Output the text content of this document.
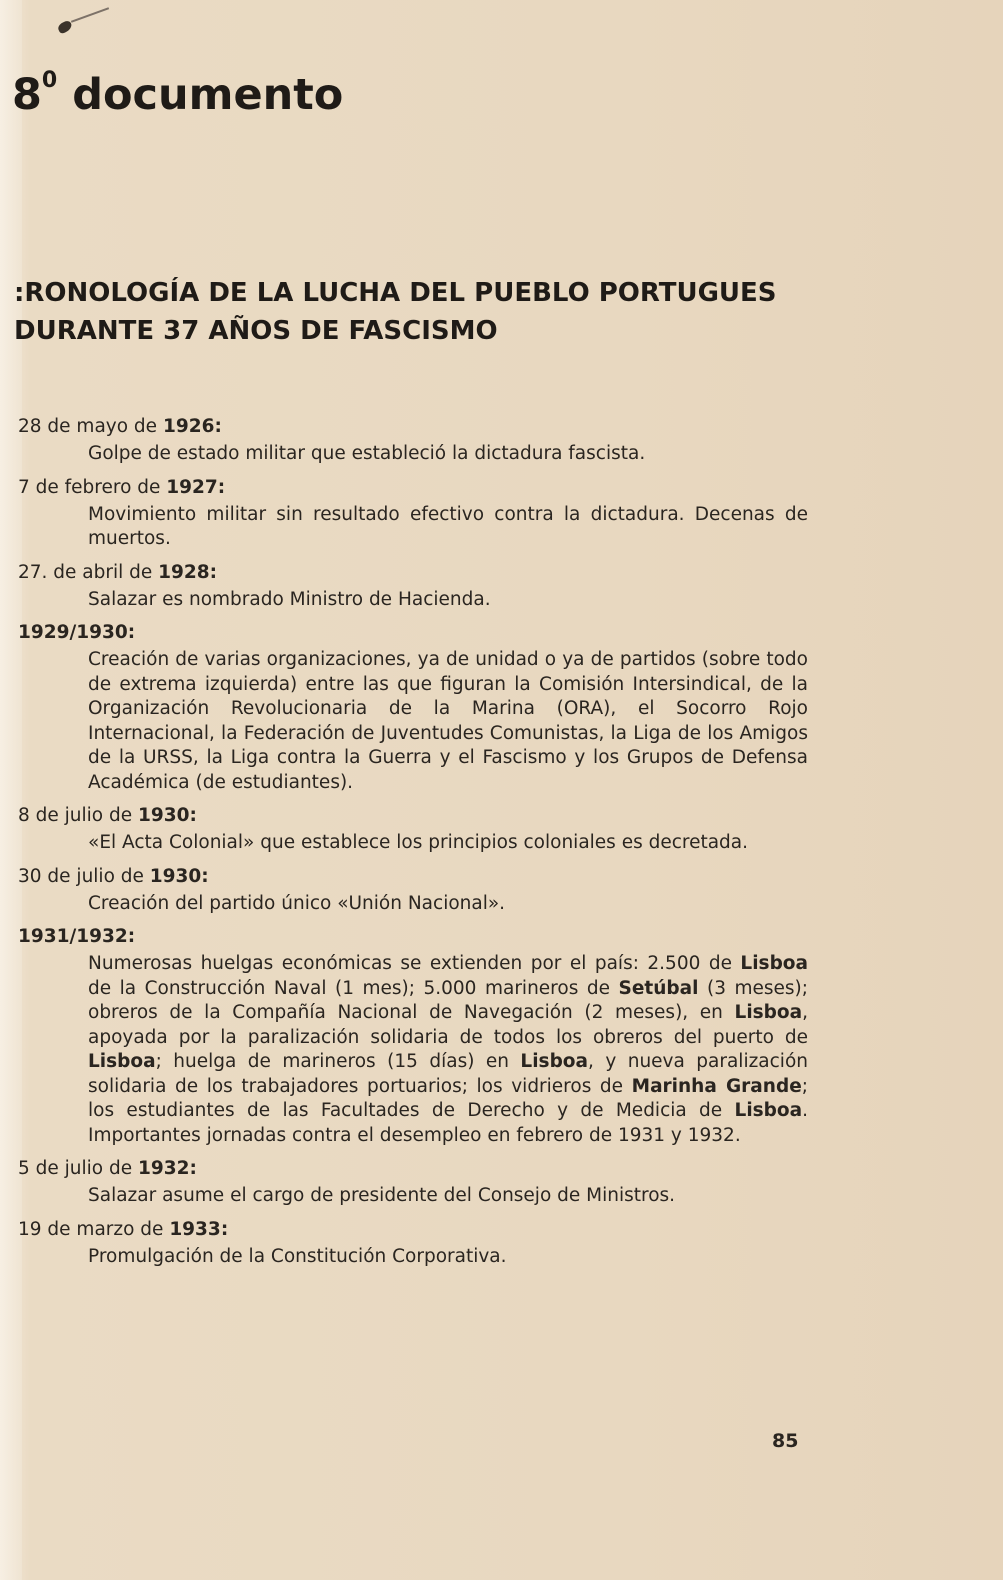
$8^0$ documento
:RONOLOGÍA DE LA LUCHA DEL PUEBLO PORTUGUES
DURANTE 37 AÑOS DE FASCISMO

28 de mayo de 1926:

Golpe de estado militar que estableció la dictadura fascista.

7 de febrero de 1927:

Movimiento militar sin resultado efectivo contra la dictadura. Decenas de muertos.

27. de abril de 1928:

Salazar es nombrado Ministro de Hacienda.

1929/1930:

Creación de varias organizaciones, ya de unidad o ya de partidos (sobre todo de extrema izquierda) entre las que figuran la Comisión Intersindical, de la Organización Revolucionaria de la Marina (ORA), el Socorro Rojo Internacional, la Federación de Juventudes Comunistas, la Liga de los Amigos de la URSS, la Liga contra la Guerra y el Fascismo y los Grupos de Defensa Académica (de estudiantes).

8 de julio de 1930:

«El Acta Colonial» que establece los principios coloniales es decretada.

30 de julio de 1930:

Creación del partido único «Unión Nacional».

1931/1932:

Numerosas huelgas económicas se extienden por el país: 2.500 de Lisboa de la Construcción Naval (1 mes); 5.000 marineros de Setúbal (3 meses); obreros de la Compañía Nacional de Navegación (2 meses), en Lisboa, apoyada por la paralización solidaria de todos los obreros del puerto de Lisboa; huelga de marineros (15 días) en Lisboa, y nueva paralización solidaria de los trabajadores portuarios; los vidrieros de Marinha Grande; los estudiantes de las Facultades de Derecho y de Medicia de Lisboa. Importantes jornadas contra el desempleo en febrero de 1931 y 1932.

5 de julio de 1932:

Salazar asume el cargo de presidente del Consejo de Ministros.

19 de marzo de 1933:

Promulgación de la Constitución Corporativa.

85
